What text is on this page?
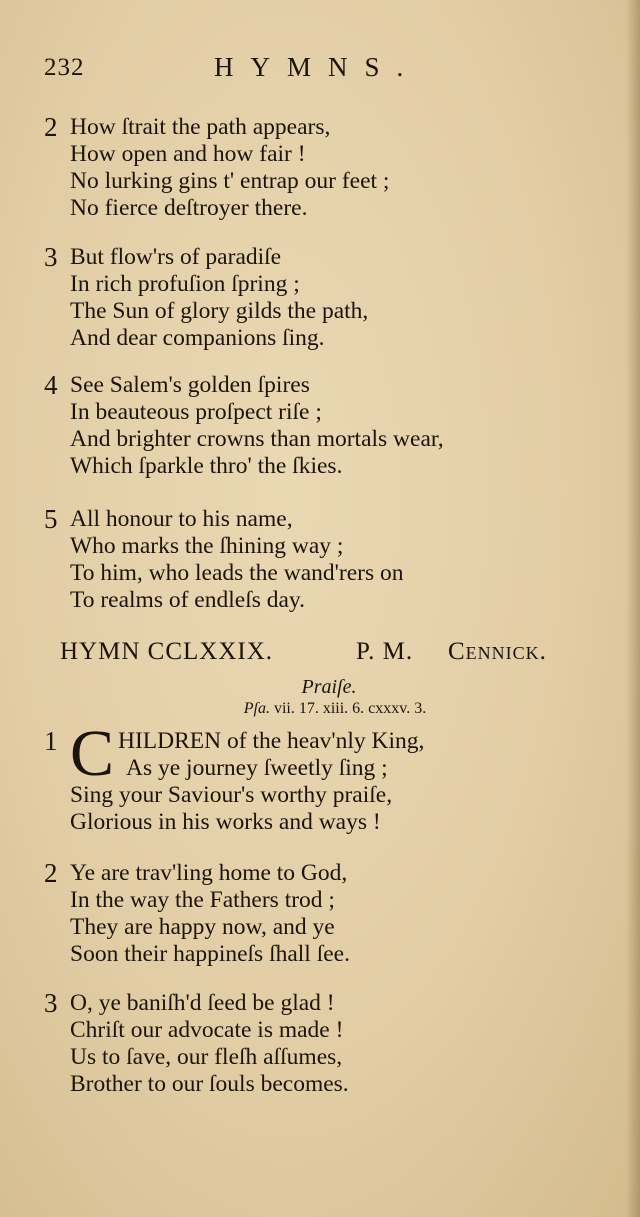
232	HYMNS.
2 How ſtrait the path appears,
How open and how fair !
No lurking gins t' entrap our feet ;
No fierce deſtroyer there.
3 But flow'rs of paradiſe
In rich profuſion ſpring ;
The Sun of glory gilds the path,
And dear companions ſing.
4 See Salem's golden ſpires
In beauteous proſpect riſe ;
And brighter crowns than mortals wear,
Which ſparkle thro' the ſkies.
5 All honour to his name,
Who marks the ſhining way ;
To him, who leads the wand'rers on
To realms of endleſs day.
HYMN CCLXXIX.	P. M. Cennick.
Praiſe.
Pſa. vii. 17. xiii. 6. cxxxv. 3.
1 C HILDREN of the heav'nly King,
As ye journey ſweetly ſing ;
Sing your Saviour's worthy praiſe,
Glorious in his works and ways !
2 Ye are trav'ling home to God,
In the way the Fathers trod ;
They are happy now, and ye
Soon their happineſs ſhall ſee.
3 O, ye baniſh'd ſeed be glad !
Chriſt our advocate is made !
Us to ſave, our fleſh aſſumes,
Brother to our ſouls becomes.
